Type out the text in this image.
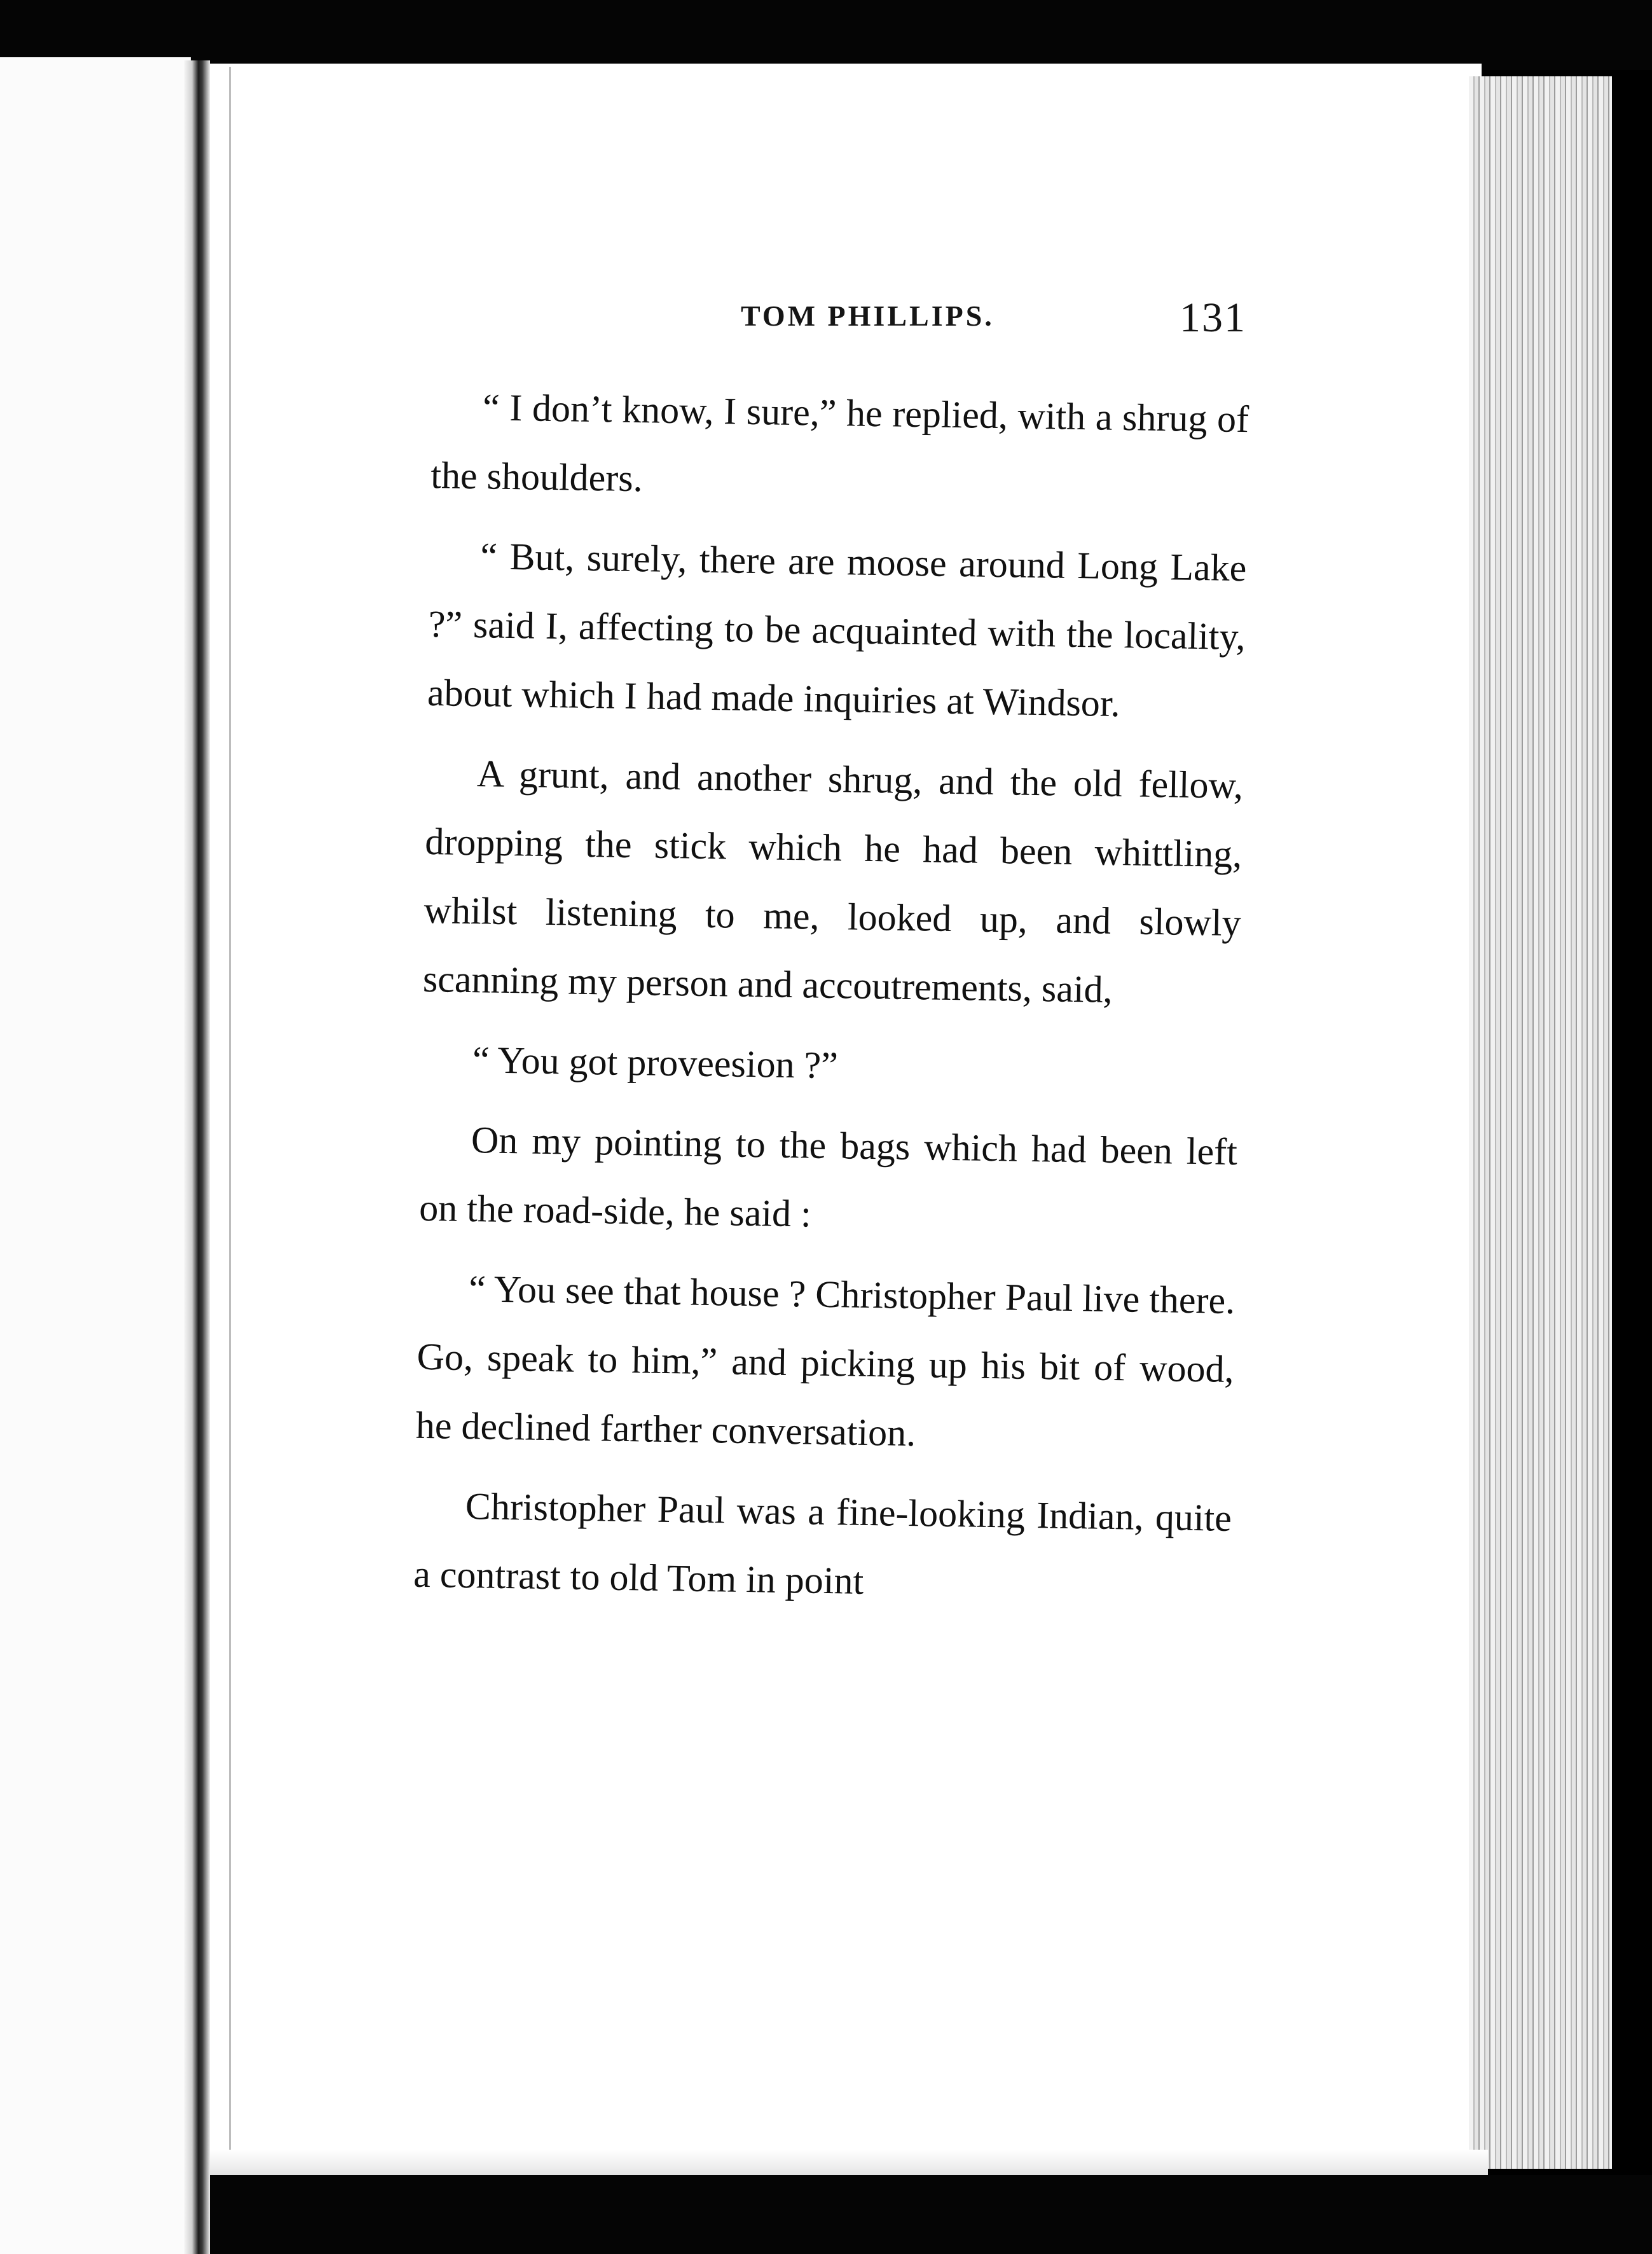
TOM PHILLIPS.	131

“ I don’t know, I sure,” he replied, with a shrug of the shoulders.

“ But, surely, there are moose around Long Lake ?” said I, affecting to be acquainted with the locality, about which I had made inquiries at Windsor.

A grunt, and another shrug, and the old fellow, dropping the stick which he had been whittling, whilst listening to me, looked up, and slowly scanning my person and accoutrements, said,

“ You got proveesion ?”

On my pointing to the bags which had been left on the road-side, he said :

“ You see that house ? Christopher Paul live there. Go, speak to him,” and picking up his bit of wood, he declined farther conversation.

Christopher Paul was a fine-looking Indian, quite a contrast to old Tom in point
